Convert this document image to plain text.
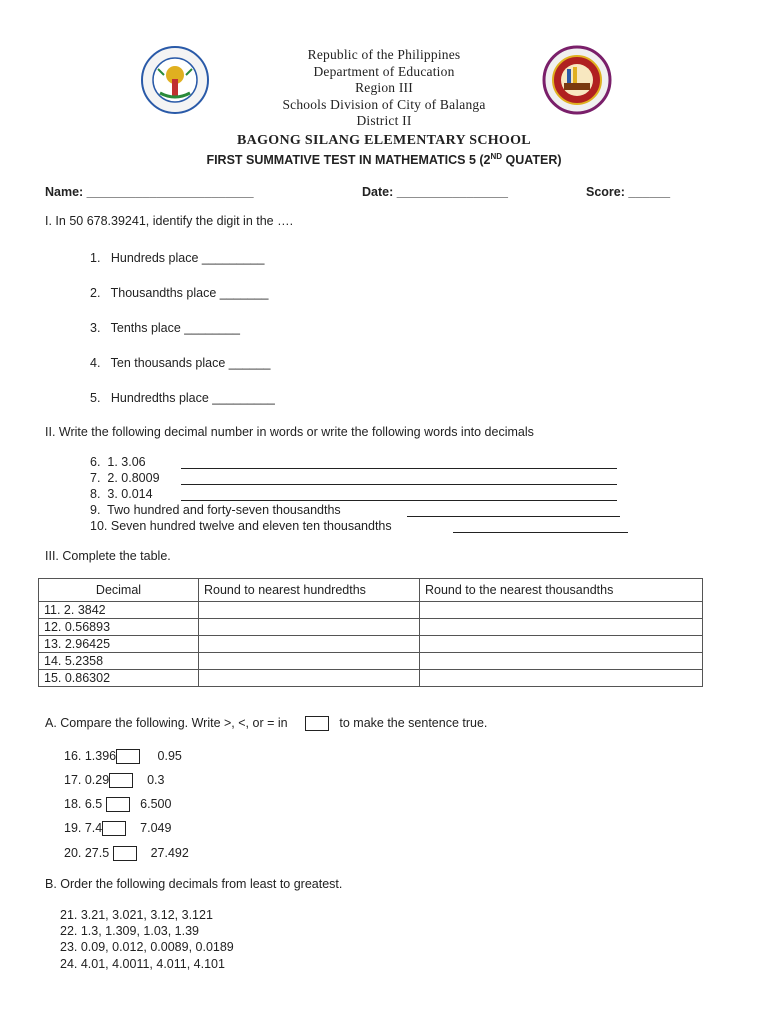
Republic of the Philippines
Department of Education
Region III
Schools Division of City of Balanga
District II
BAGONG SILANG ELEMENTARY SCHOOL
FIRST SUMMATIVE TEST IN MATHEMATICS 5 (2ND QUATER)
Name: ________________________	Date: ________________	Score: ______
I. In 50 678.39241, identify the digit in the ….
1. Hundreds place _________
2. Thousandths place _______
3. Tenths place ________
4. Ten thousands place ______
5. Hundredths place _________
II. Write the following decimal number in words or write the following words into decimals
6. 1. 3.06
7. 2. 0.8009
8. 3. 0.014
9. Two hundred and forty-seven thousandths
10. Seven hundred twelve and eleven ten thousandths
III. Complete the table.
Decimal	Round to nearest hundredths	Round to the nearest thousandths
11. 2. 3842		
12. 0.56893		
13. 2.96425		
14. 5.2358		
15. 0.86302		
A. Compare the following. Write >, <, or = in	to make the sentence true.
16. 1.396	0.95
17. 0.29	0.3
18. 6.5	6.500
19. 7.4	7.049
20. 27.5	27.492
B. Order the following decimals from least to greatest.
21. 3.21, 3.021, 3.12, 3.121
22. 1.3, 1.309, 1.03, 1.39
23. 0.09, 0.012, 0.0089, 0.0189
24. 4.01, 4.0011, 4.011, 4.101
